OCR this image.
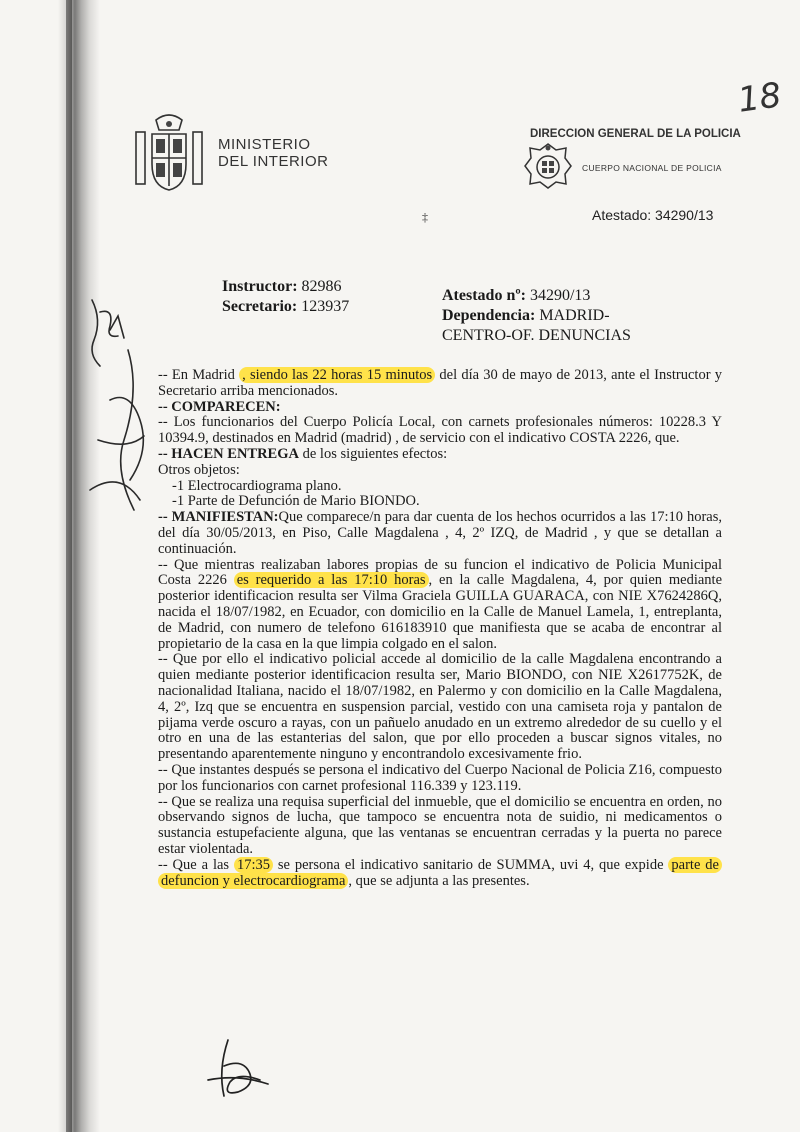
18
MINISTERIO
DEL INTERIOR
DIRECCION GENERAL DE LA POLICIA
CUERPO NACIONAL DE POLICIA
‡	Atestado: 34290/13
Instructor: 82986
Secretario: 123937
Atestado nº: 34290/13
Dependencia: MADRID-
CENTRO-OF. DENUNCIAS

-- En Madrid , siendo las 22 horas 15 minutos del día 30 de mayo de 2013, ante el Instructor y Secretario arriba mencionados.

-- COMPARECEN:

-- Los funcionarios del Cuerpo Policía Local, con carnets profesionales números: 10228.3 Y 10394.9, destinados en Madrid (madrid) , de servicio con el indicativo COSTA 2226, que.

-- HACEN ENTREGA de los siguientes efectos:

Otros objetos:

-1 Electrocardiograma plano.

-1 Parte de Defunción de Mario BIONDO.

-- MANIFIESTAN:Que comparece/n para dar cuenta de los hechos ocurridos a las 17:10 horas, del día 30/05/2013, en Piso, Calle Magdalena , 4, 2º IZQ, de Madrid , y que se detallan a continuación.

-- Que mientras realizaban labores propias de su funcion el indicativo de Policia Municipal Costa 2226 es requerido a las 17:10 horas , en la calle Magdalena, 4, por quien mediante posterior identificacion resulta ser Vilma Graciela GUILLA GUARACA, con NIE X7624286Q, nacida el 18/07/1982, en Ecuador, con domicilio en la Calle de Manuel Lamela, 1, entreplanta, de Madrid, con numero de telefono 616183910 que manifiesta que se acaba de encontrar al propietario de la casa en la que limpia colgado en el salon.

-- Que por ello el indicativo policial accede al domicilio de la calle Magdalena encontrando a quien mediante posterior identificacion resulta ser, Mario BIONDO, con NIE X2617752K, de nacionalidad Italiana, nacido el 18/07/1982, en Palermo y con domicilio en la Calle Magdalena, 4, 2º, Izq que se encuentra en suspension parcial, vestido con una camiseta roja y pantalon de pijama verde oscuro a rayas, con un pañuelo anudado en un extremo alrededor de su cuello y el otro en una de las estanterias del salon, que por ello proceden a buscar signos vitales, no presentando aparentemente ninguno y encontrandolo excesivamente frio.

-- Que instantes después se persona el indicativo del Cuerpo Nacional de Policia Z16, compuesto por los funcionarios con carnet profesional 116.339 y 123.119.

-- Que se realiza una requisa superficial del inmueble, que el domicilio se encuentra en orden, no observando signos de lucha, que tampoco se encuentra nota de suidio, ni medicamentos o sustancia estupefaciente alguna, que las ventanas se encuentran cerradas y la puerta no parece estar violentada.

-- Que a las 17:35 se persona el indicativo sanitario de SUMMA, uvi 4, que expide parte de defuncion y electrocardiograma , que se adjunta a las presentes.
